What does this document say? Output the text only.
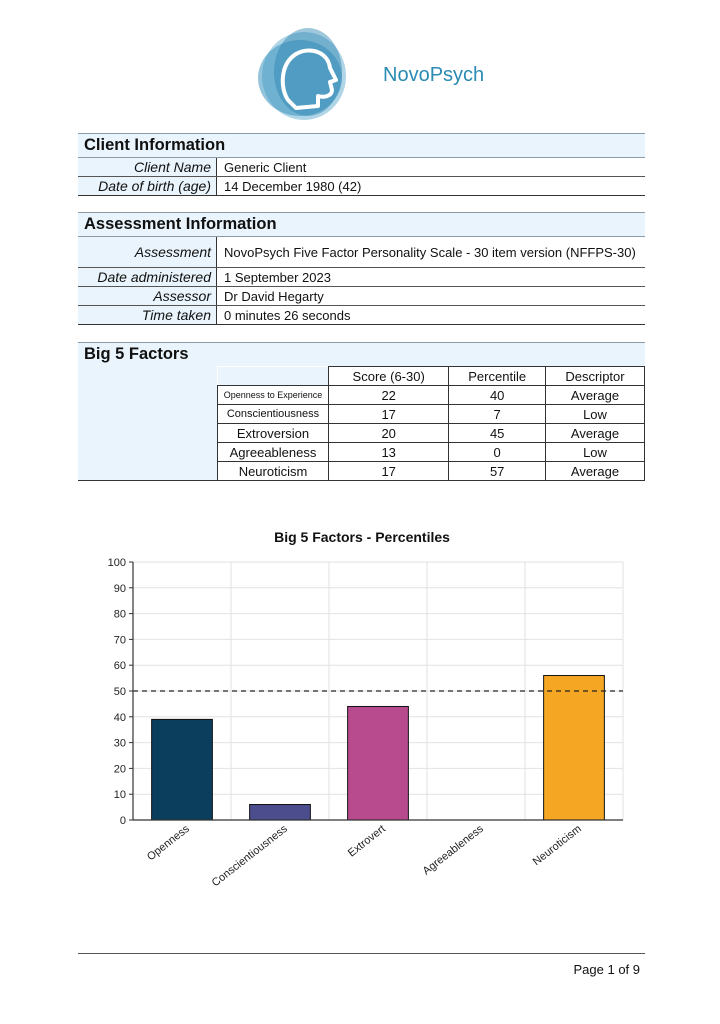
NovoPsych
Client Information
Client Name	Generic Client
Date of birth (age)	14 December 1980 (42)
Assessment Information
Assessment	NovoPsych Five Factor Personality Scale - 30 item version (NFFPS-30)
Date administered	1 September 2023
Assessor	Dr David Hegarty
Time taken	0 minutes 26 seconds
Big 5 Factors
	Score (6-30)	Percentile	Descriptor
Openness to Experience	22	40	Average
Conscientiousness	17	7	Low
Extroversion	20	45	Average
Agreeableness	13	0	Low
Neuroticism	17	57	Average
Big 5 Factors - Percentiles
0
10
20
30
40
50
60
70
80
90
100
Openness Conscientiousness	Extrovert	Agreeableness	Neuroticism
Page 1 of 9
